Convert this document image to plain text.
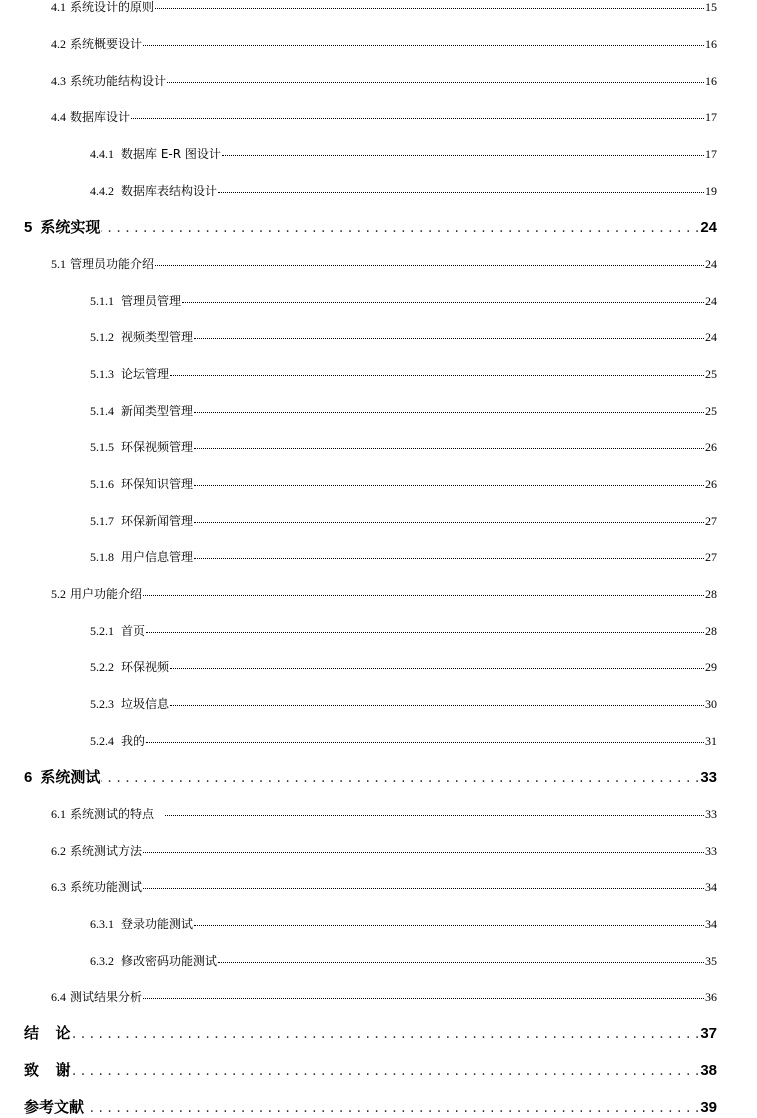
4.1 系统设计的原则	15
4.2 系统概要设计	16
4.3 系统功能结构设计	16
4.4 数据库设计	17
4.4.1 数据库 E-R 图设计	17
4.4.2 数据库表结构设计	19
5 系统实现 . . .	24
5.1 管理员功能介绍	24
5.1.1 管理员管理	24
5.1.2 视频类型管理	24
5.1.3 论坛管理	25
5.1.4 新闻类型管理	25
5.1.5 环保视频管理	26
5.1.6 环保知识管理	26
5.1.7 环保新闻管理	27
5.1.8 用户信息管理	27
5.2 用户功能介绍	28
5.2.1 首页	28
5.2.2 环保视频	29
5.2.3 垃圾信息	30
5.2.4 我的	31
6 系统测试 . . .	33
6.1 系统测试的特点	33
6.2 系统测试方法	33
6.3 系统功能测试	34
6.3.1 登录功能测试	34
6.3.2 修改密码功能测试	35
6.4 测试结果分析	36
结  论 . . .	37
致  谢 . . .	38
参考文献 . . .	39
